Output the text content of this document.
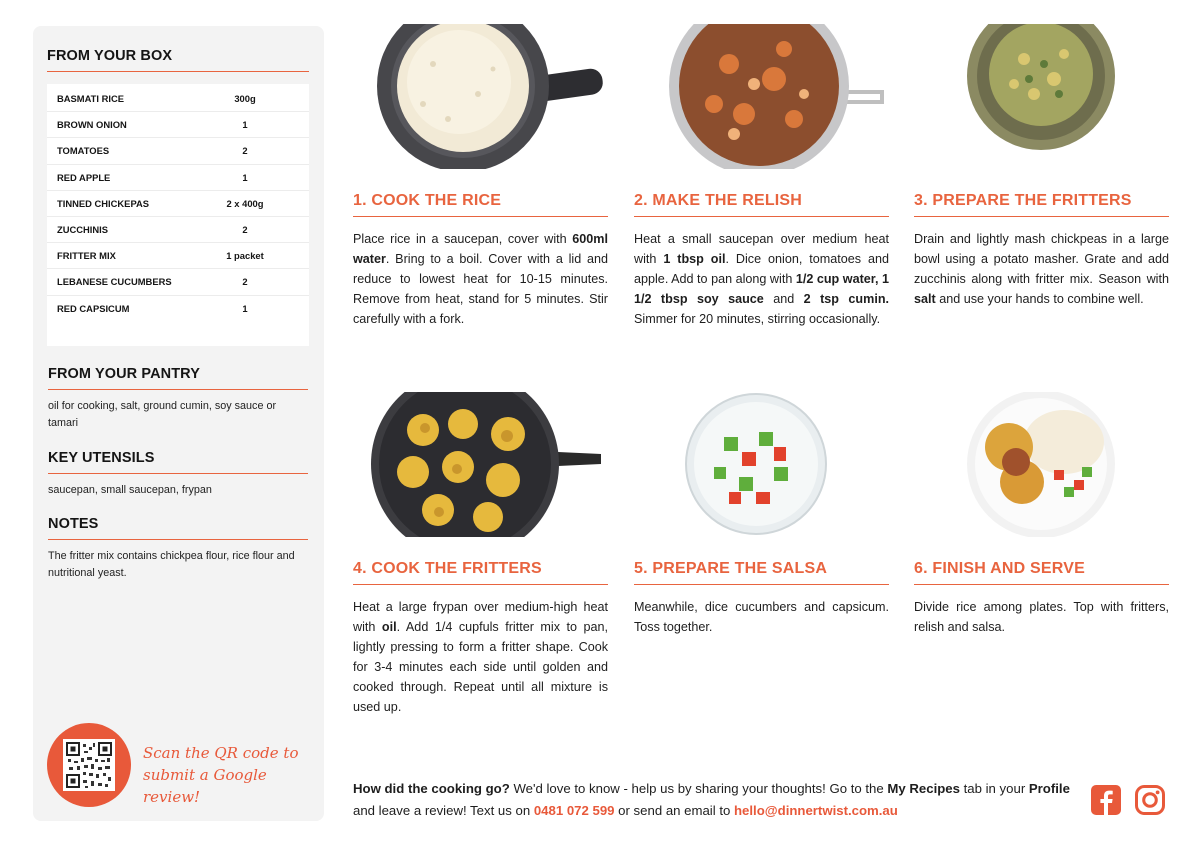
FROM YOUR BOX
BASMATI RICE	300g
BROWN ONION	1
TOMATOES	2
RED APPLE	1
TINNED CHICKEPAS	2 x 400g
ZUCCHINIS	2
FRITTER MIX	1 packet
LEBANESE CUCUMBERS	2
RED CAPSICUM	1
FROM YOUR PANTRY
oil for cooking, salt, ground cumin, soy sauce or tamari
KEY UTENSILS
saucepan, small saucepan, frypan
NOTES
The fritter mix contains chickpea flour, rice flour and nutritional yeast.
Scan the QR code to
submit a Google review!
1. COOK THE RICE
Place rice in a saucepan, cover with 600ml water. Bring to a boil. Cover with a lid and reduce to lowest heat for 10-15 minutes. Remove from heat, stand for 5 minutes. Stir carefully with a fork.
2. MAKE THE RELISH
Heat a small saucepan over medium heat with 1 tbsp oil. Dice onion, tomatoes and apple. Add to pan along with 1/2 cup water, 1 1/2 tbsp soy sauce and 2 tsp cumin. Simmer for 20 minutes, stirring occasionally.
3. PREPARE THE FRITTERS
Drain and lightly mash chickpeas in a large bowl using a potato masher. Grate and add zucchinis along with fritter mix. Season with salt and use your hands to combine well.
4. COOK THE FRITTERS
Heat a large frypan over medium-high heat with oil. Add 1/4 cupfuls fritter mix to pan, lightly pressing to form a fritter shape. Cook for 3-4 minutes each side until golden and cooked through. Repeat until all mixture is used up.
5. PREPARE THE SALSA
Meanwhile, dice cucumbers and capsicum. Toss together.
6. FINISH AND SERVE
Divide rice among plates. Top with fritters, relish and salsa.
How did the cooking go? We'd love to know - help us by sharing your thoughts! Go to the My Recipes tab in your Profile and leave a review! Text us on 0481 072 599 or send an email to hello@dinnertwist.com.au
